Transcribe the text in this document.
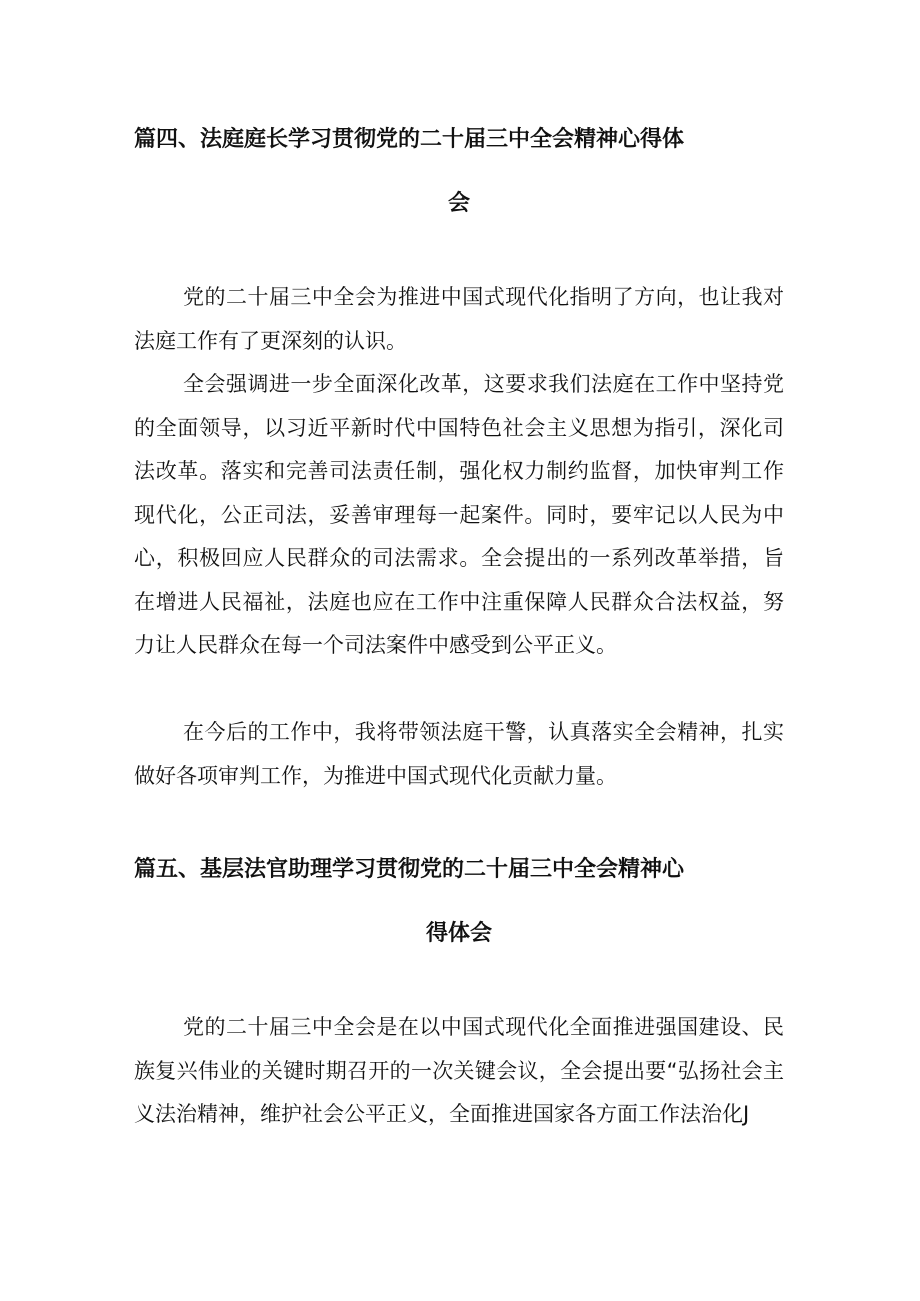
篇四、法庭庭长学习贯彻党的二十届三中全会精神心得体
会

党的二十届三中全会为推进中国式现代化指明了方向，也让我对法庭工作有了更深刻的认识。

全会强调进一步全面深化改革，这要求我们法庭在工作中坚持党的全面领导，以习近平新时代中国特色社会主义思想为指引，深化司法改革。落实和完善司法责任制，强化权力制约监督，加快审判工作现代化，公正司法，妥善审理每一起案件。同时，要牢记以人民为中心，积极回应人民群众的司法需求。全会提出的一系列改革举措，旨在增进人民福祉，法庭也应在工作中注重保障人民群众合法权益，努力让人民群众在每一个司法案件中感受到公平正义。

在今后的工作中，我将带领法庭干警，认真落实全会精神，扎实做好各项审判工作，为推进中国式现代化贡献力量。

篇五、基层法官助理学习贯彻党的二十届三中全会精神心
得体会

党的二十届三中全会是在以中国式现代化全面推进强国建设、民族复兴伟业的关键时期召开的一次关键会议，全会提出要“弘扬社会主义法治精神，维护社会公平正义，全面推进国家各方面工作法治化J
